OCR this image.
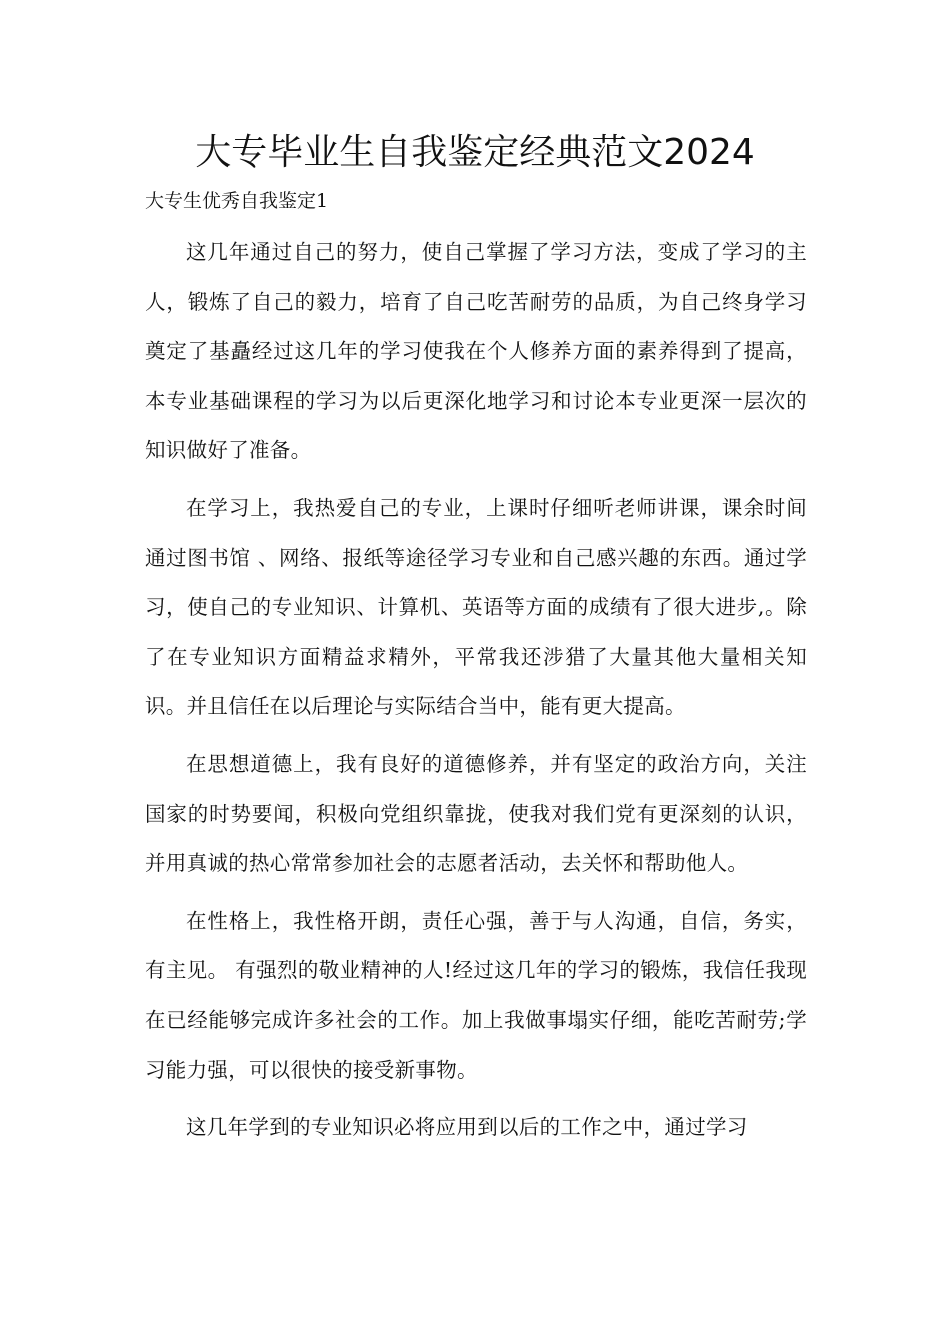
大专毕业生自我鉴定经典范文2024

大专生优秀自我鉴定1

这几年通过自己的努力，使自己掌握了学习方法，变成了学习的主人，锻炼了自己的毅力，培育了自己吃苦耐劳的品质，为自己终身学习奠定了基矗经过这几年的学习使我在个人修养方面的素养得到了提高，本专业基础课程的学习为以后更深化地学习和讨论本专业更深一层次的知识做好了准备。

在学习上，我热爱自己的专业，上课时仔细听老师讲课，课余时间通过图书馆 、网络、报纸等途径学习专业和自己感兴趣的东西。通过学习，使自己的专业知识、计算机、英语等方面的成绩有了很大进步,。除了在专业知识方面精益求精外，平常我还涉猎了大量其他大量相关知识。并且信任在以后理论与实际结合当中，能有更大提高。

在思想道德上，我有良好的道德修养，并有坚定的政治方向，关注国家的时势要闻，积极向党组织靠拢，使我对我们党有更深刻的认识，并用真诚的热心常常参加社会的志愿者活动，去关怀和帮助他人。

在性格上，我性格开朗，责任心强，善于与人沟通，自信，务实，有主见。 有强烈的敬业精神的人!经过这几年的学习的锻炼，我信任我现在已经能够完成许多社会的工作。加上我做事塌实仔细，能吃苦耐劳;学习能力强，可以很快的接受新事物。

这几年学到的专业知识必将应用到以后的工作之中，通过学习
